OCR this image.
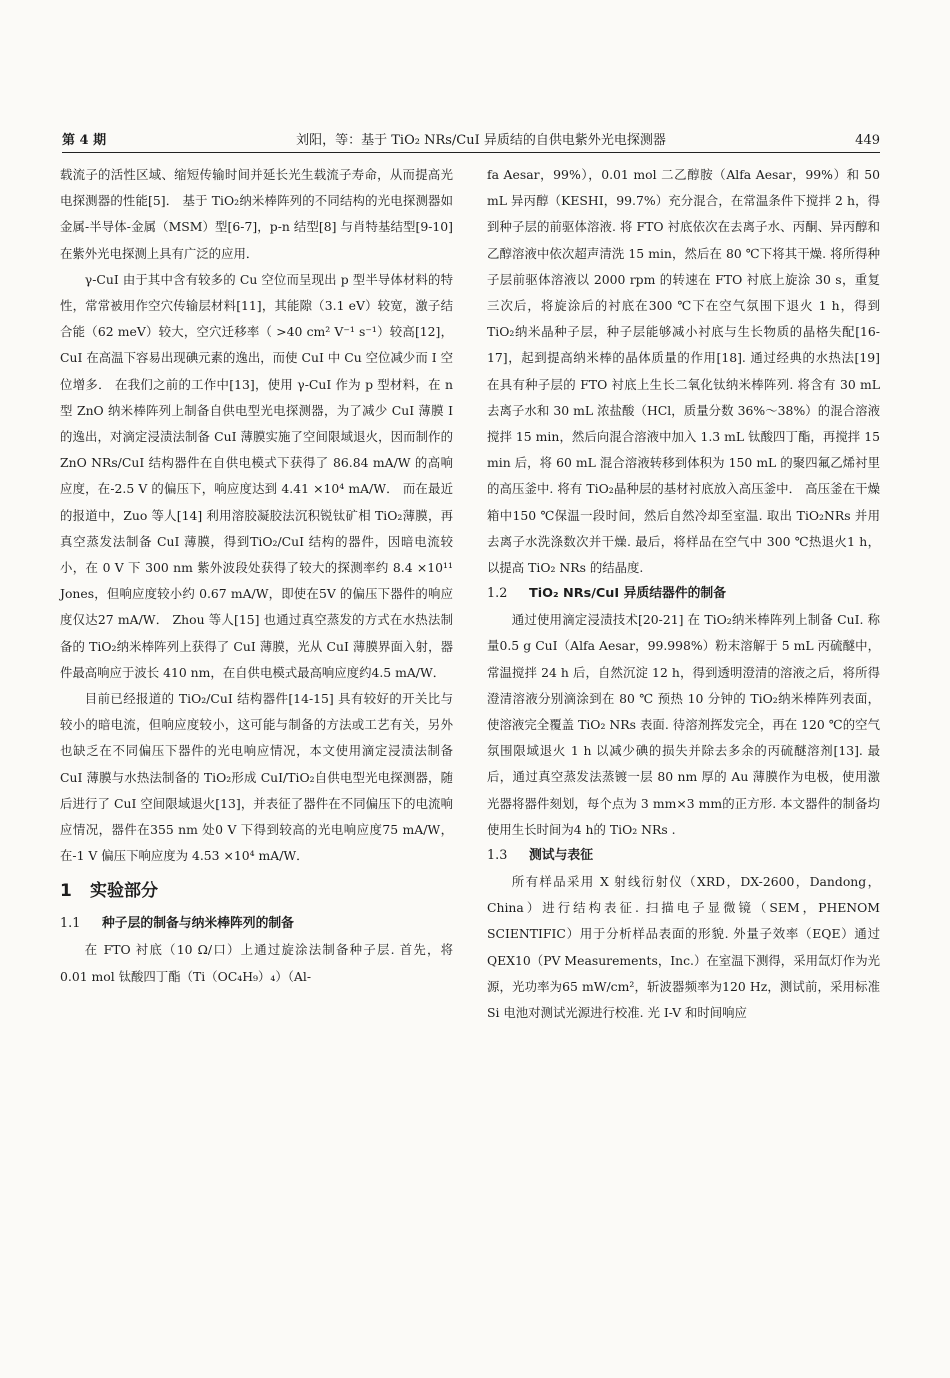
第 4 期	刘阳，等：基于 TiO₂ NRs/CuI 异质结的自供电紫外光电探测器	449

载流子的活性区域、缩短传输时间并延长光生载流子寿命，从而提高光电探测器的性能[5]． 基于 TiO₂纳米棒阵列的不同结构的光电探测器如金属-半导体-金属（MSM）型[6-7]，p-n 结型[8] 与肖特基结型[9-10] 在紫外光电探测上具有广泛的应用．

γ-CuI 由于其中含有较多的 Cu 空位而呈现出 p 型半导体材料的特性，常常被用作空穴传输层材料[11]，其能隙（3.1 eV）较宽，激子结合能（62 meV）较大，空穴迁移率（ >40 cm² V⁻¹ s⁻¹）较高[12]，CuI 在高温下容易出现碘元素的逸出，而使 CuI 中 Cu 空位减少而 I 空位增多． 在我们之前的工作中[13]，使用 γ-CuI 作为 p 型材料，在 n 型 ZnO 纳米棒阵列上制备自供电型光电探测器，为了减少 CuI 薄膜 I 的逸出，对滴定浸渍法制备 CuI 薄膜实施了空间限域退火，因而制作的 ZnO NRs/CuI 结构器件在自供电模式下获得了 86.84 mA/W 的高响应度，在-2.5 V 的偏压下，响应度达到 4.41 ×10⁴ mA/W． 而在最近的报道中，Zuo 等人[14] 利用溶胶凝胶法沉积锐钛矿相 TiO₂薄膜，再真空蒸发法制备 CuI 薄膜，得到TiO₂/CuI 结构的器件，因暗电流较小，在 0 V 下 300 nm 紫外波段处获得了较大的探测率约 8.4 ×10¹¹ Jones，但响应度较小约 0.67 mA/W，即使在5V 的偏压下器件的响应度仅达27 mA/W． Zhou 等人[15] 也通过真空蒸发的方式在水热法制备的 TiO₂纳米棒阵列上获得了 CuI 薄膜，光从 CuI 薄膜界面入射，器件最高响应于波长 410 nm，在自供电模式最高响应度约4.5 mA/W．

目前已经报道的 TiO₂/CuI 结构器件[14-15] 具有较好的开关比与较小的暗电流，但响应度较小，这可能与制备的方法或工艺有关，另外也缺乏在不同偏压下器件的光电响应情况，本文使用滴定浸渍法制备 CuI 薄膜与水热法制备的 TiO₂形成 CuI/TiO₂自供电型光电探测器，随后进行了 CuI 空间限域退火[13]，并表征了器件在不同偏压下的电流响应情况，器件在355 nm 处0 V 下得到较高的光电响应度75 mA/W，在-1 V 偏压下响应度为 4.53 ×10⁴ mA/W．

1 实验部分
1.1 种子层的制备与纳米棒阵列的制备

在 FTO 衬底（10 Ω/口）上通过旋涂法制备种子层. 首先，将 0.01 mol 钛酸四丁酯（Ti（OC₄H₉）₄）（Al-

fa Aesar，99%），0.01 mol 二乙醇胺（Alfa Aesar，99%）和 50 mL 异丙醇（KESHI，99.7%）充分混合，在常温条件下搅拌 2 h，得到种子层的前驱体溶液. 将 FTO 衬底依次在去离子水、丙酮、异丙醇和乙醇溶液中依次超声清洗 15 min，然后在 80 ℃下将其干燥. 将所得种子层前驱体溶液以 2000 rpm 的转速在 FTO 衬底上旋涂 30 s，重复三次后，将旋涂后的衬底在300 ℃下在空气氛围下退火 1 h，得到 TiO₂纳米晶种子层，种子层能够减小衬底与生长物质的晶格失配[16-17]，起到提高纳米棒的晶体质量的作用[18]. 通过经典的水热法[19] 在具有种子层的 FTO 衬底上生长二氧化钛纳米棒阵列. 将含有 30 mL 去离子水和 30 mL 浓盐酸（HCl，质量分数 36%～38%）的混合溶液搅拌 15 min，然后向混合溶液中加入 1.3 mL 钛酸四丁酯，再搅拌 15 min 后，将 60 mL 混合溶液转移到体积为 150 mL 的聚四氟乙烯衬里的高压釜中. 将有 TiO₂晶种层的基材衬底放入高压釜中． 高压釜在干燥箱中150 ℃保温一段时间，然后自然冷却至室温. 取出 TiO₂NRs 并用去离子水洗涤数次并干燥. 最后，将样品在空气中 300 ℃热退火1 h，以提高 TiO₂ NRs 的结晶度.

1.2 TiO₂ NRs/CuI 异质结器件的制备

通过使用滴定浸渍技术[20-21] 在 TiO₂纳米棒阵列上制备 CuI. 称量0.5 g CuI（Alfa Aesar，99.998%）粉末溶解于 5 mL 丙硫醚中，常温搅拌 24 h 后，自然沉淀 12 h，得到透明澄清的溶液之后，将所得澄清溶液分别滴涂到在 80 ℃ 预热 10 分钟的 TiO₂纳米棒阵列表面，使溶液完全覆盖 TiO₂ NRs 表面. 待溶剂挥发完全，再在 120 ℃的空气氛围限域退火 1 h 以减少碘的损失并除去多余的丙硫醚溶剂[13]. 最后，通过真空蒸发法蒸镀一层 80 nm 厚的 Au 薄膜作为电极，使用激光器将器件刻划，每个点为 3 mm×3 mm的正方形. 本文器件的制备均使用生长时间为4 h的 TiO₂ NRs .

1.3 测试与表征

所有样品采用 X 射线衍射仪（XRD，DX-2600，Dandong，China）进行结构表征. 扫描电子显微镜（SEM，PHENOM SCIENTIFIC）用于分析样品表面的形貌. 外量子效率（EQE）通过 QEX10（PV Measurements，Inc.）在室温下测得，采用氙灯作为光源，光功率为65 mW/cm²，斩波器频率为120 Hz，测试前，采用标准 Si 电池对测试光源进行校准. 光 I-V 和时间响应
